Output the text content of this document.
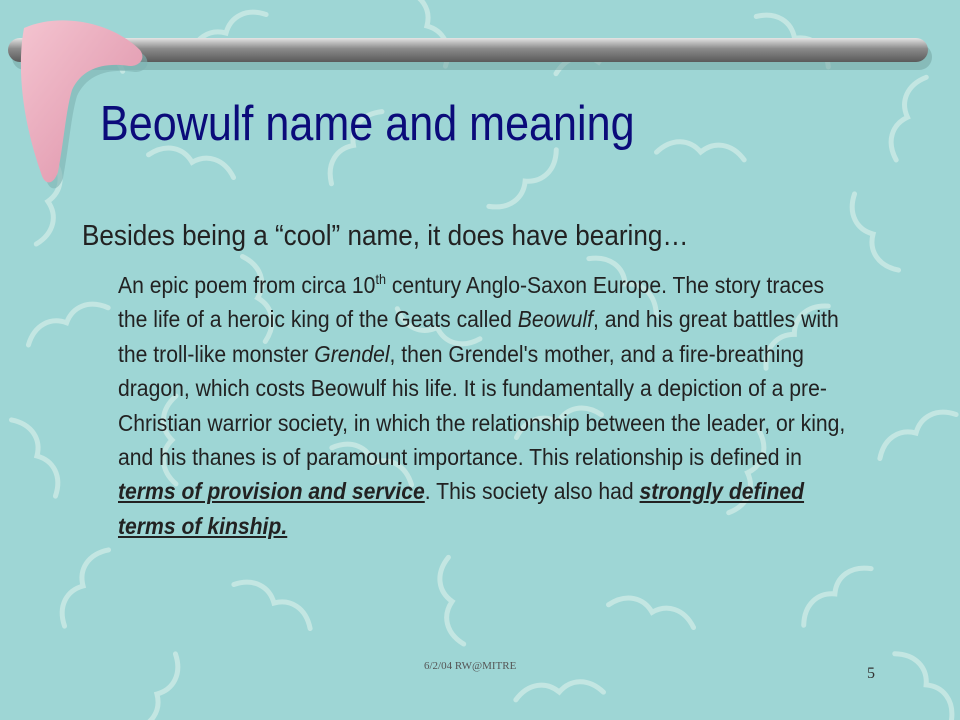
Beowulf name and meaning

Besides being a “cool” name, it does have bearing…

An epic poem from circa 10th century Anglo-Saxon Europe. The story traces the life of a heroic king of the Geats called Beowulf, and his great battles with the troll-like monster Grendel, then Grendel's mother, and a fire-breathing dragon, which costs Beowulf his life. It is fundamentally a depiction of a pre-Christian warrior society, in which the relationship between the leader, or king, and his thanes is of paramount importance. This relationship is defined in terms of provision and service. This society also had strongly defined terms of kinship.

6/2/04 RW@MITRE	5
